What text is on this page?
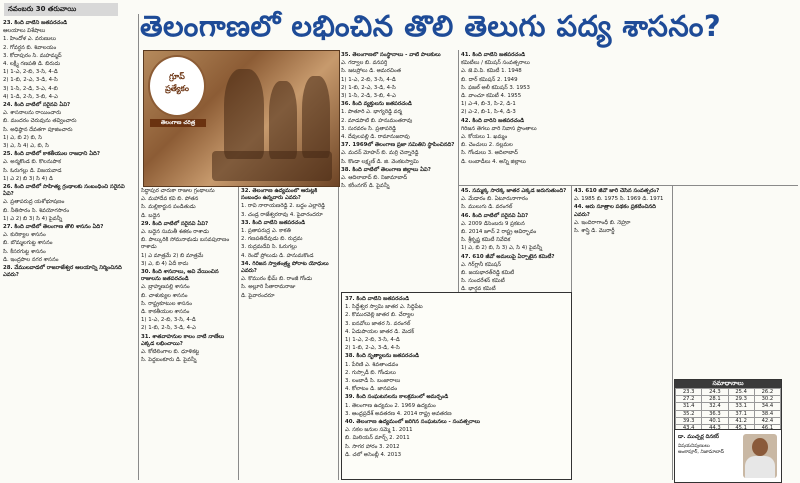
నవంబరు 30 తరువాయి	తెలంగాణలో లభించిన తొలి తెలుగు పద్య శాసనం?
గ్రూప్
ప్రత్యేకం
తెలంగాణ చరిత్ర

23. కింది వాటిని జతపరచండి

ఆలయాలు విశేషాలు

1. హిందోళ ఎ. వరుణులు

2. గోవర్ధన బి. శివాలయం

3. కోదాపురం సి. మహమ్మద్

4. లక్ష్మీ గణపతి డి. బిరుదు

1) 1-ఎ, 2-బి, 3-సి, 4-డి

2) 1-బి, 2-ఎ, 3-డి, 4-సి

3) 1-సి, 2-డి, 3-ఎ, 4-బి

4) 1-డి, 2-సి, 3-బి, 4-ఎ

24. కింది వాటిలో సరైనవి ఏవి?

ఎ. శాసనాలను రాయించారు

బి. మందరం చెరువును తవ్వించారు

సి. అధిష్ఠాన దేవతగా పూజించారు

1) ఎ, బి 2) బి, సి

3) ఎ, సి 4) ఎ, బి, సి

25. కింది వాటిలో కాకతీయుల రాజధాని ఏది?

ఎ. అన్మకొండ బి. కొలనుపాక

సి. ఓరుగల్లు డి. విజయవాడ

1) ఎ 2) బి 3) సి 4) డి

26. కింది వాటిలో సాహిత్య గ్రంథాలకు సంబంధించి సరైనవి ఏవి?

ఎ. ప్రతాపరుద్ర యశోభూషణం

బి. నీతిసారం సి. శివయోగసారం

1) ఎ 2) బి 3) సి 4) పైవన్నీ

27. కింది వాటిలో తెలంగాణ తొలి శాసనం ఏది?

ఎ. కురిక్యాల శాసనం

బి. బొమ్మలగుట్ట శాసనం

సి. కీసరగుట్ట శాసనం

డి. ఇంద్రపాల నగర శాసనం

28. వేములవాడలో రాజరాజేశ్వర ఆలయాన్ని నిర్మించినది ఎవరు?

సిద్ధాపుర చారుకా రాజుల గ్రంథాలను

ఎ. మహాదేవ కవి బి. పోతన

సి. మల్లికార్జున పండితుడు

డి. బద్దెన

29. కింది వాటిలో సరైనవి ఏవి?

ఎ. బద్దెన సుమతీ శతకం రాశాడు

బి. పాల్కురికి సోమనాథుడు బసవపురాణం రాశాడు

1) ఎ మాత్రమే 2) బి మాత్రమే

3) ఎ, బి 4) ఏదీ కాదు

30. కింది శాసనాలు, అవి వేయించిన రాజులను జతపరచండి

ఎ. బ్రాహ్మణపల్లి శాసనం

బి. చాళుక్యుల శాసనం

సి. రాష్ట్రకూటుల శాసనం

డి. కాకతీయుల శాసనం

1) 1-ఎ, 2-బి, 3-సి, 4-డి

2) 1-బి, 2-సి, 3-డి, 4-ఎ

31. శాతవాహనుల కాలం నాటి నాణేలు ఎక్కడ లభించాయి?

ఎ. కోటిలింగాల బి. ధూళికట్ట

సి. పెద్దబంకూరు డి. పైవన్నీ

32. తెలంగాణ ఉద్యమంలో ఆరుట్లకి సంబంధం ఉన్నవారు ఎవరు?

1. రావి నారాయణరెడ్డి 2. బద్దం ఎల్లారెడ్డి

3. చండ్ర రాజేశ్వరరావు 4. పైవారందరూ

33. కింది వాటిని జతపరచండి

1. ప్రతాపరుద్ర ఎ. కాకతి

2. గణపతిదేవుడు బి. రుద్రమ

3. రుద్రమదేవి సి. ఓరుగల్లు

4. రెండో ప్రోలుడు డి. హనుమకొండ

34. గిరిజన స్వాతంత్ర్య పోరాట యోధులు ఎవరు?

ఎ. కొమురం భీమ్ బి. రాంజీ గోండు

సి. అల్లూరి సీతారామరాజు

డి. పైవారందరూ

35. తెలంగాణలో సంస్థానాలు - వాటి పాలకులు

ఎ. గద్వాల బి. వనపర్తి

సి. జటప్రోలు డి. అమరచింత

1) 1-ఎ, 2-బి, 3-సి, 4-డి

2) 1-బి, 2-ఎ, 3-డి, 4-సి

3) 1-సి, 2-డి, 3-బి, 4-ఎ

36. కింది వ్యక్తులను జతపరచండి

1. పాతూరి ఎ. భాగ్యరెడ్డి వర్మ

2. మాడపాటి బి. హనుమంతరావు

3. సురవరం సి. ప్రతాపరెడ్డి

4. దేవులపల్లి డి. రామానుజరావు

37. 1969లో తెలంగాణ ప్రజా సమితిని స్థాపించినది?

ఎ. మదన్ మోహన్ బి. మర్రి చెన్నారెడ్డి

సి. కొండా లక్ష్మణ్ డి. జి. వెంకటస్వామి

38. కింది వాటిలో తెలంగాణ జిల్లాలు ఏవి?

ఎ. ఆదిలాబాద్ బి. నిజామాబాద్

సి. కరీంనగర్ డి. పైవన్నీ

41. కింది వాటిని జతపరచండి

కమిటీలు / కమిషన్ సంవత్సరాలు

ఎ. జె.వి.పి. కమిటీ 1. 1948

బి. దార్ కమిషన్ 2. 1949

సి. ఫజల్ అలీ కమిషన్ 3. 1953

డి. వాంచూ కమిటీ 4. 1955

1) ఎ-4, బి-3, సి-2, డి-1

2) ఎ-2, బి-1, సి-4, డి-3

42. కింది వారిని జతపరచండి

గిరిజన తెగలు వారి నివాస ప్రాంతాలు

ఎ. కోయలు 1. ఖమ్మం

బి. చెంచులు 2. నల్లమల

సి. గోండులు 3. ఆదిలాబాద్

డి. లంబాడీలు 4. అన్ని జిల్లాలు

45. సమ్మక్క సారక్క జాతర ఎక్కడ జరుగుతుంది?

ఎ. మేడారం బి. ఏటూరునాగారం

సి. ములుగు డి. వరంగల్

46. కింది వాటిలో సరైనవి ఏవి?

ఎ. 2009 డిసెంబరు 9 ప్రకటన

బి. 2014 జూన్ 2 రాష్ట్ర ఆవిర్భావం

సి. శ్రీకృష్ణ కమిటీ నివేదిక

1) ఎ, బి 2) బి, సి 3) ఎ, సి 4) పైవన్నీ

47. 610 జీవో అమలుపై ఏర్పాటైన కమిటీ?

ఎ. గిర్‌గ్లానీ కమిషన్

బి. జయభారత్‌రెడ్డి కమిటీ

సి. సుందరేశన్ కమిటీ

డి. భార్గవ కమిటీ

43. 610 జీవో జారీ చేసిన సంవత్సరం?

ఎ. 1985 బి. 1975 సి. 1969 డి. 1971

44. ఆరు సూత్రాల పథకం ప్రకటించినది ఎవరు?

ఎ. ఇందిరాగాంధీ బి. నెహ్రూ

సి. శాస్త్రి డి. మొరార్జీ

37. కింది వాటిని జతపరచండి

1. సిద్ధేశ్వర స్వామి జాతర ఎ. సిద్ధిపేట

2. కొమురవెల్లి జాతర బి. చేర్యాల

3. ఐనవోలు జాతర సి. వరంగల్

4. ఏడుపాయల జాతర డి. మెదక్

1) 1-ఎ, 2-బి, 3-సి, 4-డి

2) 1-బి, 2-ఎ, 3-డి, 4-సి

38. కింది నృత్యాలను జతపరచండి

1. పేరిణి ఎ. శివతాండవం

2. గుస్సాడీ బి. గోండులు

3. లంబాడీ సి. బంజారాలు

4. కోలాటం డి. జానపదం

39. కింది సంఘటనలను కాలక్రమంలో అమర్చండి

1. తెలంగాణ ఉద్యమం 2. 1969 ఉద్యమం

3. ఆంధ్రప్రదేశ్ అవతరణ 4. 2014 రాష్ట్ర అవతరణ

40. తెలంగాణ ఉద్యమంలో జరిగిన సంఘటనలు - సంవత్సరాలు

ఎ. సకల జనుల సమ్మె 1. 2011

బి. మిలియన్ మార్చ్ 2. 2011

సి. సాగర హారం 3. 2012

డి. చలో అసెంబ్లీ 4. 2013

సమాధానాలు
23.3	24.3	25.4	26.2
27.2	28.1	29.3	30.2
31.4	32.4	33.1	34.4
35.2	36.3	37.1	38.4
39.3	40.1	41.2	42.4

డా. ముచ్చర్ల దినకర్
విషయనిపుణులు
అంకాపూర్, నిజామాబాద్
